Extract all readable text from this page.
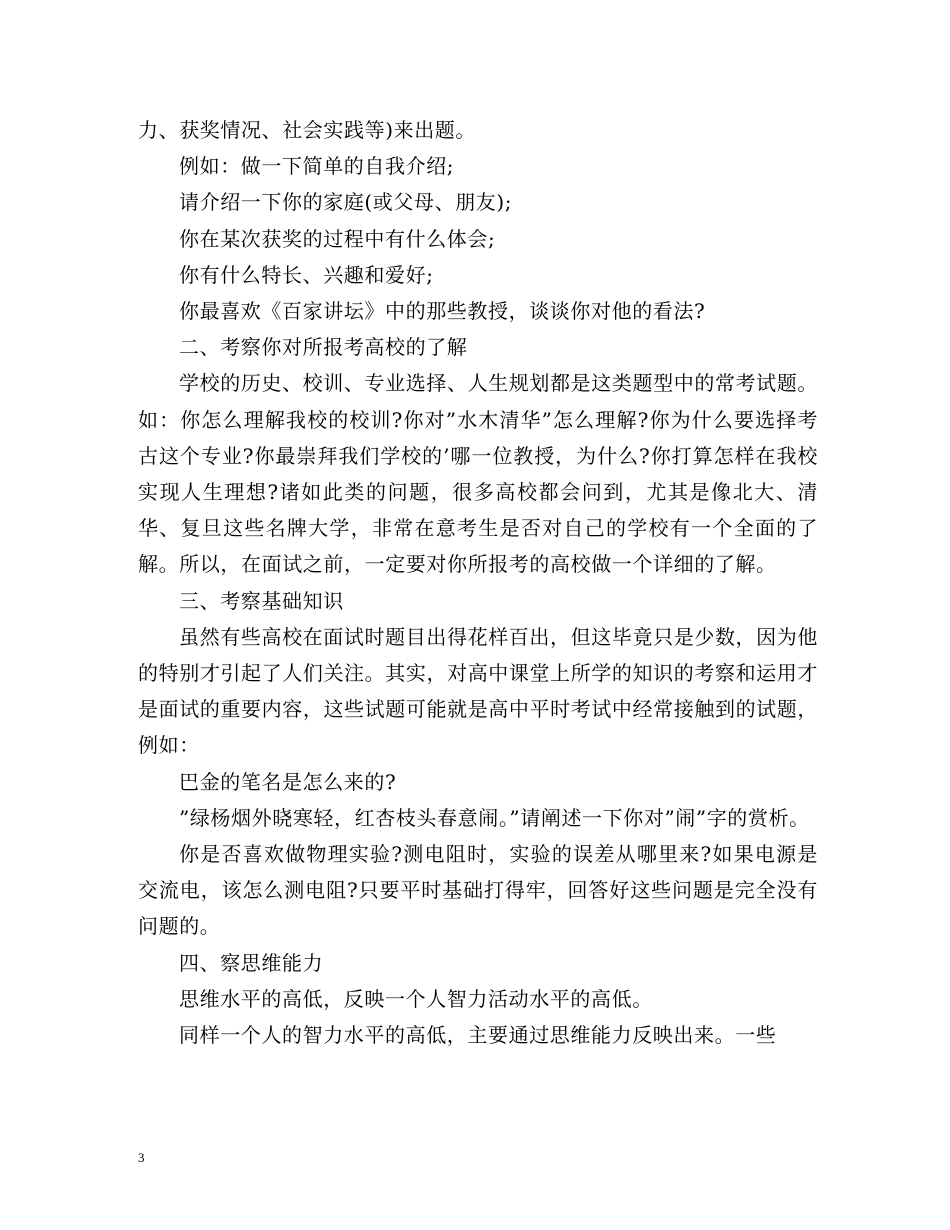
力、获奖情况、社会实践等)来出题。

例如：做一下简单的自我介绍;

请介绍一下你的家庭(或父母、朋友);

你在某次获奖的过程中有什么体会;

你有什么特长、兴趣和爱好;

你最喜欢《百家讲坛》中的那些教授，谈谈你对他的看法?

二、考察你对所报考高校的了解

学校的历史、校训、专业选择、人生规划都是这类题型中的常考试题。如：你怎么理解我校的校训?你对”水木清华”怎么理解?你为什么要选择考古这个专业?你最崇拜我们学校的’哪一位教授，为什么?你打算怎样在我校实现人生理想?诸如此类的问题，很多高校都会问到，尤其是像北大、清华、复旦这些名牌大学，非常在意考生是否对自己的学校有一个全面的了解。所以，在面试之前，一定要对你所报考的高校做一个详细的了解。

三、考察基础知识

虽然有些高校在面试时题目出得花样百出，但这毕竟只是少数，因为他的特别才引起了人们关注。其实，对高中课堂上所学的知识的考察和运用才是面试的重要内容，这些试题可能就是高中平时考试中经常接触到的试题，例如：

巴金的笔名是怎么来的?

”绿杨烟外晓寒轻，红杏枝头春意闹。”请阐述一下你对”闹”字的赏析。

你是否喜欢做物理实验?测电阻时，实验的误差从哪里来?如果电源是交流电，该怎么测电阻?只要平时基础打得牢，回答好这些问题是完全没有问题的。

四、察思维能力

思维水平的高低，反映一个人智力活动水平的高低。

同样一个人的智力水平的高低，主要通过思维能力反映出来。一些

3
